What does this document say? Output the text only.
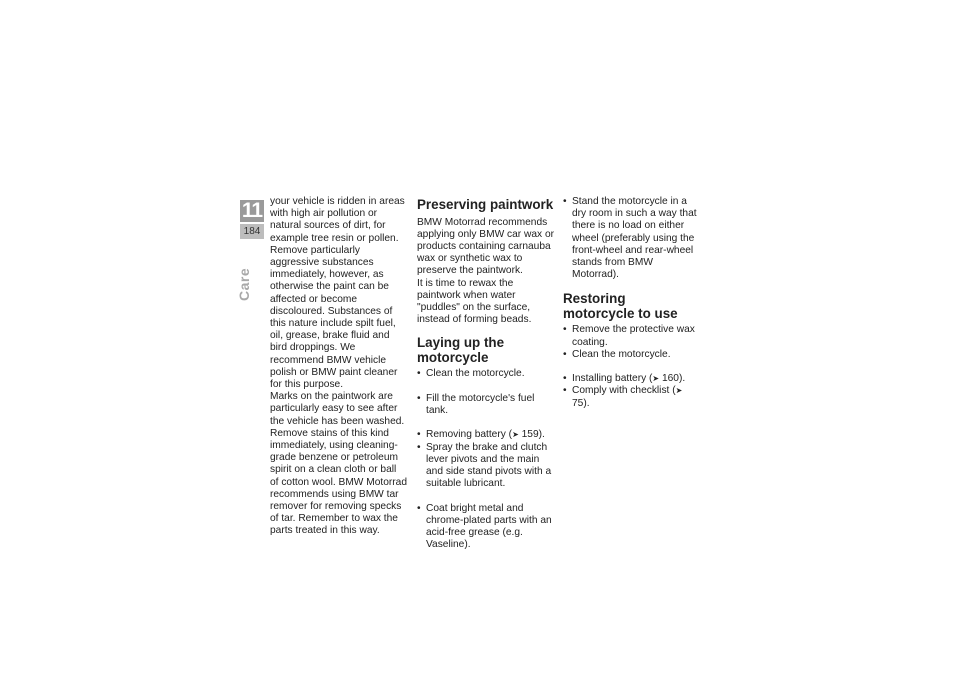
11
184
Care

your vehicle is ridden in areas with high air pollution or natural sources of dirt, for example tree resin or pollen.

Remove particularly aggressive substances immediately, however, as otherwise the paint can be affected or become discoloured. Substances of this nature include spilt fuel, oil, grease, brake fluid and bird droppings. We recommend BMW vehicle polish or BMW paint cleaner for this purpose.

Marks on the paintwork are particularly easy to see after the vehicle has been washed. Remove stains of this kind immediately, using cleaning-grade benzene or petroleum spirit on a clean cloth or ball of cotton wool. BMW Motorrad recommends using BMW tar remover for removing specks of tar. Remember to wax the parts treated in this way.

Preserving paintwork

BMW Motorrad recommends applying only BMW car wax or products containing carnauba wax or synthetic wax to preserve the paintwork.

It is time to rewax the paintwork when water "puddles" on the surface, instead of forming beads.

Laying up the motorcycle
• Clean the motorcycle.
• Fill the motorcycle's fuel tank.
• Removing battery (➤ 159).
• Spray the brake and clutch lever pivots and the main and side stand pivots with a suitable lubricant.
• Coat bright metal and chrome-plated parts with an acid-free grease (e.g. Vaseline).
• Stand the motorcycle in a dry room in such a way that there is no load on either wheel (preferably using the front-wheel and rear-wheel stands from BMW Motorrad).
Restoring motorcycle to use
• Remove the protective wax coating.
• Clean the motorcycle.
• Installing battery (➤ 160).
• Comply with checklist (➤ 75).
